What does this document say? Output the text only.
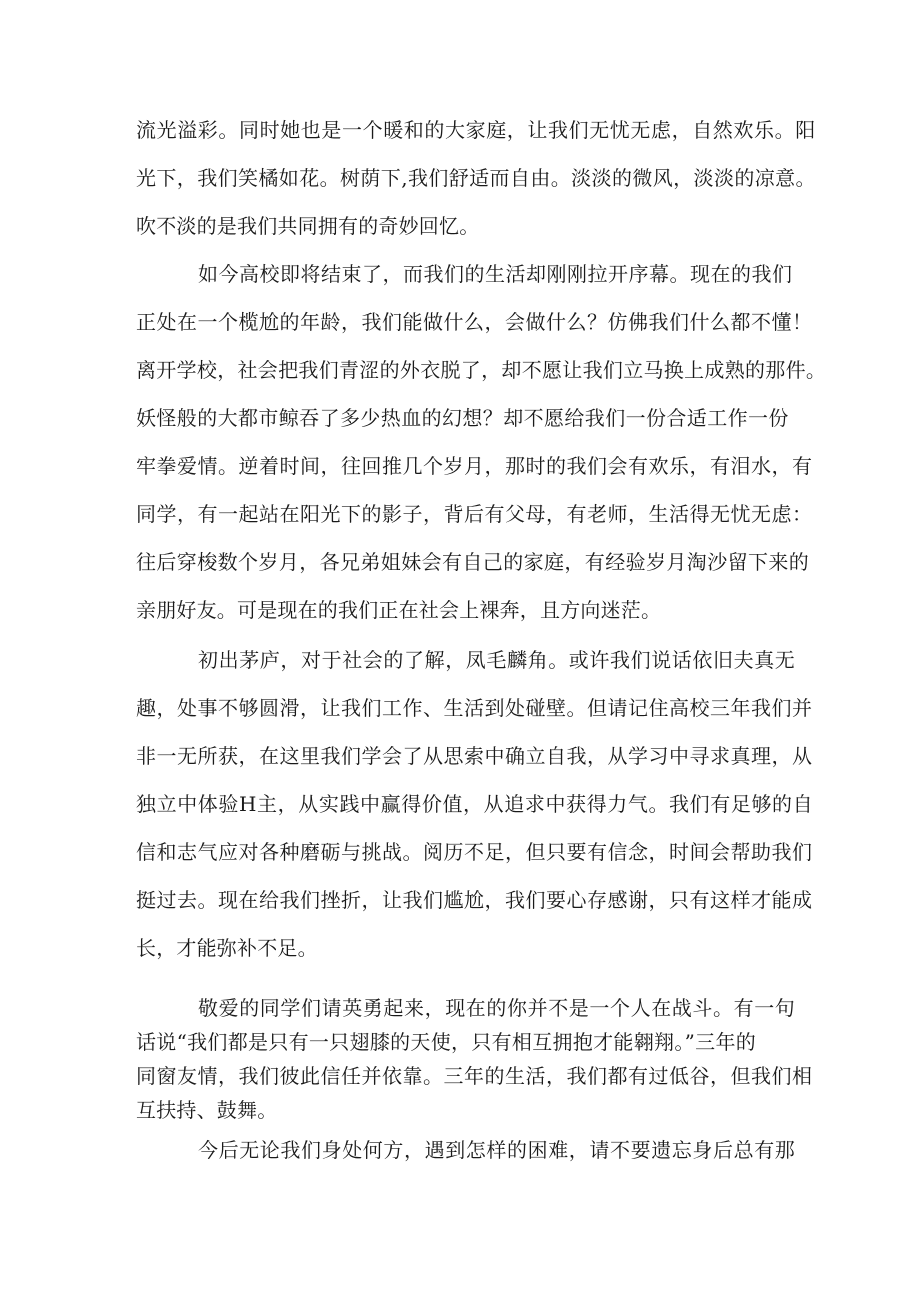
流光溢彩。同时她也是一个暖和的大家庭，让我们无忧无虑，自然欢乐。阳
光下，我们笑橘如花。树荫下,我们舒适而自由。淡淡的微风，淡淡的凉意。
吹不淡的是我们共同拥有的奇妙回忆。
如今高校即将结束了，而我们的生活却刚刚拉开序幕。现在的我们
正处在一个榄尬的年龄，我们能做什么，会做什么？仿佛我们什么都不懂！
离开学校，社会把我们青涩的外衣脱了，却不愿让我们立马换上成熟的那件。
妖怪般的大都市鲸吞了多少热血的幻想？却不愿给我们一份合适工作一份
牢拳爱情。逆着时间，往回推几个岁月，那时的我们会有欢乐，有泪水，有
同学，有一起站在阳光下的影子，背后有父母，有老师，生活得无忧无虑：
往后穿梭数个岁月，各兄弟姐妹会有自己的家庭，有经验岁月淘沙留下来的
亲朋好友。可是现在的我们正在社会上裸奔，且方向迷茫。
初出茅庐，对于社会的了解，凤毛麟角。或许我们说话依旧夫真无
趣，处事不够圆滑，让我们工作、生活到处碰壁。但请记住高校三年我们并
非一无所获，在这里我们学会了从思索中确立自我，从学习中寻求真理，从
独立中体验H主，从实践中赢得价值，从追求中获得力气。我们有足够的自
信和志气应对各种磨砺与挑战。阅历不足，但只要有信念，时间会帮助我们
挺过去。现在给我们挫折，让我们尴尬，我们要心存感谢，只有这样才能成
长，才能弥补不足。
敬爱的同学们请英勇起来，现在的你并不是一个人在战斗。有一句
话说“我们都是只有一只翅膝的天使，只有相互拥抱才能翱翔。”三年的
同窗友情，我们彼此信任并依靠。三年的生活，我们都有过低谷，但我们相
互扶持、鼓舞。
今后无论我们身处何方，遇到怎样的困难，请不要遗忘身后总有那
